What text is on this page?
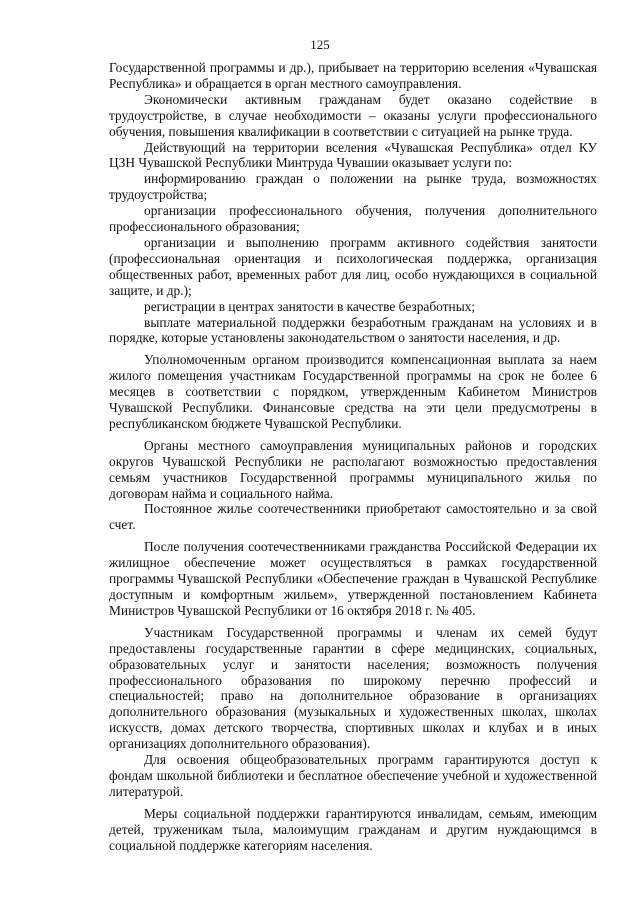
125

Государственной программы и др.), прибывает на территорию вселения «Чувашская Республика» и обращается в орган местного самоуправления.

Экономически активным гражданам будет оказано содействие в трудоустройстве, в случае необходимости – оказаны услуги профессионального обучения, повышения квалификации в соответствии с ситуацией на рынке труда.

Действующий на территории вселения «Чувашская Республика» отдел КУ ЦЗН Чувашской Республики Минтруда Чувашии оказывает услуги по:

информированию граждан о положении на рынке труда, возможностях трудоустройства;

организации профессионального обучения, получения дополнительного профессионального образования;

организации и выполнению программ активного содействия занятости (профессиональная ориентация и психологическая поддержка, организация общественных работ, временных работ для лиц, особо нуждающихся в социальной защите, и др.);

регистрации в центрах занятости в качестве безработных;

выплате материальной поддержки безработным гражданам на условиях и в порядке, которые установлены законодательством о занятости населения, и др.

Уполномоченным органом производится компенсационная выплата за наем жилого помещения участникам Государственной программы на срок не более 6 месяцев в соответствии с порядком, утвержденным Кабинетом Министров Чувашской Республики. Финансовые средства на эти цели предусмотрены в республиканском бюджете Чувашской Республики.

Органы местного самоуправления муниципальных районов и городских округов Чувашской Республики не располагают возможностью предоставления семьям участников Государственной программы муниципального жилья по договорам найма и социального найма.

Постоянное жилье соотечественники приобретают самостоятельно и за свой счет.

После получения соотечественниками гражданства Российской Федерации их жилищное обеспечение может осуществляться в рамках государственной программы Чувашской Республики «Обеспечение граждан в Чувашской Республике доступным и комфортным жильем», утвержденной постановлением Кабинета Министров Чувашской Республики от 16 октября 2018 г. № 405.

Участникам Государственной программы и членам их семей будут предоставлены государственные гарантии в сфере медицинских, социальных, образовательных услуг и занятости населения; возможность получения профессионального образования по широкому перечню профессий и специальностей; право на дополнительное образование в организациях дополнительного образования (музыкальных и художественных школах, школах искусств, домах детского творчества, спортивных школах и клубах и в иных организациях дополнительного образования).

Для освоения общеобразовательных программ гарантируются доступ к фондам школьной библиотеки и бесплатное обеспечение учебной и художественной литературой.

Меры социальной поддержки гарантируются инвалидам, семьям, имеющим детей, труженикам тыла, малоимущим гражданам и другим нуждающимся в социальной поддержке категориям населения.
